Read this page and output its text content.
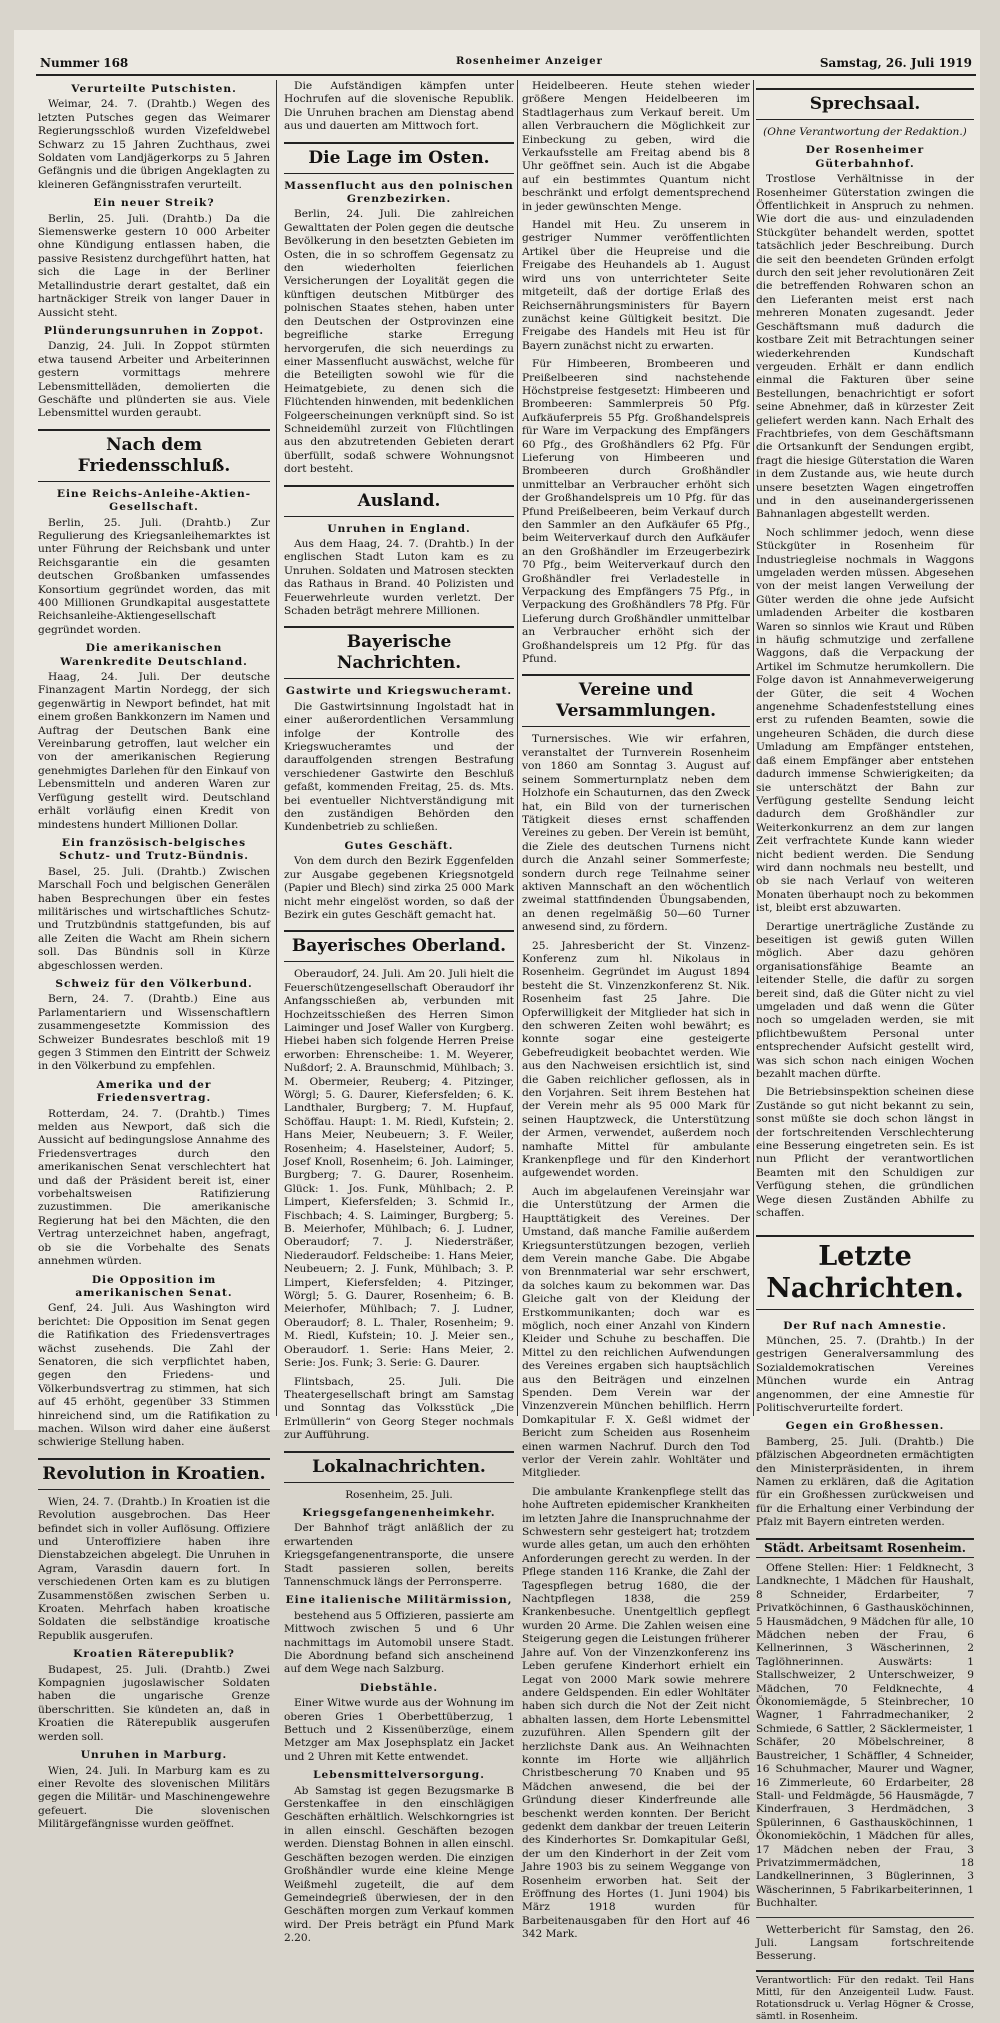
Nummer 168	Rosenheimer Anzeiger	Samstag, 26. Juli 1919
Verurteilte Putschisten.

Weimar, 24. 7. (Drahtb.) Wegen des letzten Putsches gegen das Weimarer Regierungsschloß wurden Vizefeldwebel Schwarz zu 15 Jahren Zuchthaus, zwei Soldaten vom Landjägerkorps zu 5 Jahren Gefängnis und die übrigen Angeklagten zu kleineren Gefängnisstrafen verurteilt.

Ein neuer Streik?

Berlin, 25. Juli. (Drahtb.) Da die Siemenswerke gestern 10 000 Arbeiter ohne Kündigung entlassen haben, die passive Resistenz durchgeführt hatten, hat sich die Lage in der Berliner Metallindustrie derart gestaltet, daß ein hartnäckiger Streik von langer Dauer in Aussicht steht.

Plünderungsunruhen in Zoppot.

Danzig, 24. Juli. In Zoppot stürmten etwa tausend Arbeiter und Arbeiterinnen gestern vormittags mehrere Lebensmittelläden, demolierten die Geschäfte und plünderten sie aus. Viele Lebensmittel wurden geraubt.

Nach dem Friedensschluß.
Eine Reichs-Anleihe-Aktien-Gesellschaft.

Berlin, 25. Juli. (Drahtb.) Zur Regulierung des Kriegsanleihemarktes ist unter Führung der Reichsbank und unter Reichsgarantie ein die gesamten deutschen Großbanken umfassendes Konsortium gegründet worden, das mit 400 Millionen Grundkapital ausgestattete Reichsanleihe-Aktiengesellschaft gegründet worden.

Die amerikanischen Warenkredite Deutschland.

Haag, 24. Juli. Der deutsche Finanzagent Martin Nordegg, der sich gegenwärtig in Newport befindet, hat mit einem großen Bankkonzern im Namen und Auftrag der Deutschen Bank eine Vereinbarung getroffen, laut welcher ein von der amerikanischen Regierung genehmigtes Darlehen für den Einkauf von Lebensmitteln und anderen Waren zur Verfügung gestellt wird. Deutschland erhält vorläufig einen Kredit von mindestens hundert Millionen Dollar.

Ein französisch-belgisches Schutz- und Trutz-Bündnis.

Basel, 25. Juli. (Drahtb.) Zwischen Marschall Foch und belgischen Generälen haben Besprechungen über ein festes militärisches und wirtschaftliches Schutz- und Trutzbündnis stattgefunden, bis auf alle Zeiten die Wacht am Rhein sichern soll. Das Bündnis soll in Kürze abgeschlossen werden.

Schweiz für den Völkerbund.

Bern, 24. 7. (Drahtb.) Eine aus Parlamentariern und Wissenschaftlern zusammengesetzte Kommission des Schweizer Bundesrates beschloß mit 19 gegen 3 Stimmen den Eintritt der Schweiz in den Völkerbund zu empfehlen.

Amerika und der Friedensvertrag.

Rotterdam, 24. 7. (Drahtb.) Times melden aus Newport, daß sich die Aussicht auf bedingungslose Annahme des Friedensvertrages durch den amerikanischen Senat verschlechtert hat und daß der Präsident bereit ist, einer vorbehaltsweisen Ratifizierung zuzustimmen. Die amerikanische Regierung hat bei den Mächten, die den Vertrag unterzeichnet haben, angefragt, ob sie die Vorbehalte des Senats annehmen würden.

Die Opposition im amerikanischen Senat.

Genf, 24. Juli. Aus Washington wird berichtet: Die Opposition im Senat gegen die Ratifikation des Friedensvertrages wächst zusehends. Die Zahl der Senatoren, die sich verpflichtet haben, gegen den Friedens- und Völkerbundsvertrag zu stimmen, hat sich auf 45 erhöht, gegenüber 33 Stimmen hinreichend sind, um die Ratifikation zu machen. Wilson wird daher eine äußerst schwierige Stellung haben.

Revolution in Kroatien.

Wien, 24. 7. (Drahtb.) In Kroatien ist die Revolution ausgebrochen. Das Heer befindet sich in voller Auflösung. Offiziere und Unteroffiziere haben ihre Dienstabzeichen abgelegt. Die Unruhen in Agram, Varasdin dauern fort. In verschiedenen Orten kam es zu blutigen Zusammenstößen zwischen Serben u. Kroaten. Mehrfach haben kroatische Soldaten die selbständige kroatische Republik ausgerufen.

Kroatien Räterepublik?

Budapest, 25. Juli. (Drahtb.) Zwei Kompagnien jugoslawischer Soldaten haben die ungarische Grenze überschritten. Sie kündeten an, daß in Kroatien die Räterepublik ausgerufen werden soll.

Unruhen in Marburg.

Wien, 24. Juli. In Marburg kam es zu einer Revolte des slovenischen Militärs gegen die Militär- und Maschinengewehre gefeuert. Die slovenischen Militärgefängnisse wurden geöffnet.

Die Aufständigen kämpfen unter Hochrufen auf die slovenische Republik. Die Unruhen brachen am Dienstag abend aus und dauerten am Mittwoch fort.

Die Lage im Osten.
Massenflucht aus den polnischen Grenzbezirken.

Berlin, 24. Juli. Die zahlreichen Gewalttaten der Polen gegen die deutsche Bevölkerung in den besetzten Gebieten im Osten, die in so schroffem Gegensatz zu den wiederholten feierlichen Versicherungen der Loyalität gegen die künftigen deutschen Mitbürger des polnischen Staates stehen, haben unter den Deutschen der Ostprovinzen eine begreifliche starke Erregung hervorgerufen, die sich neuerdings zu einer Massenflucht auswächst, welche für die Beteiligten sowohl wie für die Heimatgebiete, zu denen sich die Flüchtenden hinwenden, mit bedenklichen Folgeerscheinungen verknüpft sind. So ist Schneidemühl zurzeit von Flüchtlingen aus den abzutretenden Gebieten derart überfüllt, sodaß schwere Wohnungsnot dort besteht.

Ausland.
Unruhen in England.

Aus dem Haag, 24. 7. (Drahtb.) In der englischen Stadt Luton kam es zu Unruhen. Soldaten und Matrosen steckten das Rathaus in Brand. 40 Polizisten und Feuerwehrleute wurden verletzt. Der Schaden beträgt mehrere Millionen.

Bayerische Nachrichten.
Gastwirte und Kriegswucheramt.

Die Gastwirtsinnung Ingolstadt hat in einer außerordentlichen Versammlung infolge der Kontrolle des Kriegswucheramtes und der darauffolgenden strengen Bestrafung verschiedener Gastwirte den Beschluß gefaßt, kommenden Freitag, 25. ds. Mts. bei eventueller Nichtverständigung mit den zuständigen Behörden den Kundenbetrieb zu schließen.

Gutes Geschäft.

Von dem durch den Bezirk Eggenfelden zur Ausgabe gegebenen Kriegsnotgeld (Papier und Blech) sind zirka 25 000 Mark nicht mehr eingelöst worden, so daß der Bezirk ein gutes Geschäft gemacht hat.

Bayerisches Oberland.

Oberaudorf, 24. Juli. Am 20. Juli hielt die Feuerschützengesellschaft Oberaudorf ihr Anfangsschießen ab, verbunden mit Hochzeitsschießen des Herren Simon Laiminger und Josef Waller von Kurgberg. Hiebei haben sich folgende Herren Preise erworben: Ehrenscheibe: 1. M. Weyerer, Nußdorf; 2. A. Braunschmid, Mühlbach; 3. M. Obermeier, Reuberg; 4. Pitzinger, Wörgl; 5. G. Daurer, Kiefersfelden; 6. K. Landthaler, Burgberg; 7. M. Hupfauf, Schöffau. Haupt: 1. M. Riedl, Kufstein; 2. Hans Meier, Neubeuern; 3. F. Weiler, Rosenheim; 4. Haselsteiner, Audorf; 5. Josef Knoll, Rosenheim; 6. Joh. Laiminger, Burgberg; 7. G. Daurer, Rosenheim. Glück: 1. Jos. Funk, Mühlbach; 2. P. Limpert, Kiefersfelden; 3. Schmid Ir., Fischbach; 4. S. Laiminger, Burgberg; 5. B. Meierhofer, Mühlbach; 6. J. Ludner, Oberaudorf; 7. J. Niedersträßer, Niederaudorf. Feldscheibe: 1. Hans Meier, Neubeuern; 2. J. Funk, Mühlbach; 3. P. Limpert, Kiefersfelden; 4. Pitzinger, Wörgl; 5. G. Daurer, Rosenheim; 6. B. Meierhofer, Mühlbach; 7. J. Ludner, Oberaudorf; 8. L. Thaler, Rosenheim; 9. M. Riedl, Kufstein; 10. J. Meier sen., Oberaudorf. 1. Serie: Hans Meier, 2. Serie: Jos. Funk; 3. Serie: G. Daurer.

Flintsbach, 25. Juli. Die Theatergesellschaft bringt am Samstag und Sonntag das Volksstück „Die Erlmüllerin“ von Georg Steger nochmals zur Aufführung.

Lokalnachrichten.

Rosenheim, 25. Juli.

Kriegsgefangenenheimkehr.

Der Bahnhof trägt anläßlich der zu erwartenden Kriegsgefangenentransporte, die unsere Stadt passieren sollen, bereits Tannenschmuck längs der Perronsperre.

Eine italienische Militärmission,

bestehend aus 5 Offizieren, passierte am Mittwoch zwischen 5 und 6 Uhr nachmittags im Automobil unsere Stadt. Die Abordnung befand sich anscheinend auf dem Wege nach Salzburg.

Diebstähle.

Einer Witwe wurde aus der Wohnung im oberen Gries 1 Oberbettüberzug, 1 Bettuch und 2 Kissenüberzüge, einem Metzger am Max Josephsplatz ein Jacket und 2 Uhren mit Kette entwendet.

Lebensmittelversorgung.

Ab Samstag ist gegen Bezugsmarke B Gerstenkaffee in den einschlägigen Geschäften erhältlich. Welschkorngries ist in allen einschl. Geschäften bezogen werden. Dienstag Bohnen in allen einschl. Geschäften bezogen werden. Die einzigen Großhändler wurde eine kleine Menge Weißmehl zugeteilt, die auf dem Gemeindegrieß überwiesen, der in den Geschäften morgen zum Verkauf kommen wird. Der Preis beträgt ein Pfund Mark 2.20.

Heidelbeeren. Heute stehen wieder größere Mengen Heidelbeeren im Stadtlagerhaus zum Verkauf bereit. Um allen Verbrauchern die Möglichkeit zur Einbeckung zu geben, wird die Verkaufsstelle am Freitag abend bis 8 Uhr geöffnet sein. Auch ist die Abgabe auf ein bestimmtes Quantum nicht beschränkt und erfolgt dementsprechend in jeder gewünschten Menge.

Handel mit Heu. Zu unserem in gestriger Nummer veröffentlichten Artikel über die Heupreise und die Freigabe des Heuhandels ab 1. August wird uns von unterrichteter Seite mitgeteilt, daß der dortige Erlaß des Reichsernährungsministers für Bayern zunächst keine Gültigkeit besitzt. Die Freigabe des Handels mit Heu ist für Bayern zunächst nicht zu erwarten.

Für Himbeeren, Brombeeren und Preißelbeeren sind nachstehende Höchstpreise festgesetzt: Himbeeren und Brombeeren: Sammlerpreis 50 Pfg. Aufkäuferpreis 55 Pfg. Großhandelspreis für Ware im Verpackung des Empfängers 60 Pfg., des Großhändlers 62 Pfg. Für Lieferung von Himbeeren und Brombeeren durch Großhändler unmittelbar an Verbraucher erhöht sich der Großhandelspreis um 10 Pfg. für das Pfund Preißelbeeren, beim Verkauf durch den Sammler an den Aufkäufer 65 Pfg., beim Weiterverkauf durch den Aufkäufer an den Großhändler im Erzeugerbezirk 70 Pfg., beim Weiterverkauf durch den Großhändler frei Verladestelle in Verpackung des Empfängers 75 Pfg., in Verpackung des Großhändlers 78 Pfg. Für Lieferung durch Großhändler unmittelbar an Verbraucher erhöht sich der Großhandelspreis um 12 Pfg. für das Pfund.

Vereine und Versammlungen.

Turnersisches. Wie wir erfahren, veranstaltet der Turnverein Rosenheim von 1860 am Sonntag 3. August auf seinem Sommerturnplatz neben dem Holzhofe ein Schauturnen, das den Zweck hat, ein Bild von der turnerischen Tätigkeit dieses ernst schaffenden Vereines zu geben. Der Verein ist bemüht, die Ziele des deutschen Turnens nicht durch die Anzahl seiner Sommerfeste; sondern durch rege Teilnahme seiner aktiven Mannschaft an den wöchentlich zweimal stattfindenden Übungsabenden, an denen regelmäßig 50—60 Turner anwesend sind, zu fördern.

25. Jahresbericht der St. Vinzenz-Konferenz zum hl. Nikolaus in Rosenheim. Gegründet im August 1894 besteht die St. Vinzenzkonferenz St. Nik. Rosenheim fast 25 Jahre. Die Opferwilligkeit der Mitglieder hat sich in den schweren Zeiten wohl bewährt; es konnte sogar eine gesteigerte Gebefreudigkeit beobachtet werden. Wie aus den Nachweisen ersichtlich ist, sind die Gaben reichlicher geflossen, als in den Vorjahren. Seit ihrem Bestehen hat der Verein mehr als 95 000 Mark für seinen Hauptzweck, die Unterstützung der Armen, verwendet, außerdem noch namhafte Mittel für ambulante Krankenpflege und für den Kinderhort aufgewendet worden.

Auch im abgelaufenen Vereinsjahr war die Unterstützung der Armen die Haupttätigkeit des Vereines. Der Umstand, daß manche Familie außerdem Kriegsunterstützungen bezogen, verlieh dem Verein manche Gabe. Die Abgabe von Brennmaterial war sehr erschwert, da solches kaum zu bekommen war. Das Gleiche galt von der Kleidung der Erstkommunikanten; doch war es möglich, noch einer Anzahl von Kindern Kleider und Schuhe zu beschaffen. Die Mittel zu den reichlichen Aufwendungen des Vereines ergaben sich hauptsächlich aus den Beiträgen und einzelnen Spenden. Dem Verein war der Vinzenzverein München behilflich. Herrn Domkapitular F. X. Geßl widmet der Bericht zum Scheiden aus Rosenheim einen warmen Nachruf. Durch den Tod verlor der Verein zahlr. Wohltäter und Mitglieder.

Die ambulante Krankenpflege stellt das hohe Auftreten epidemischer Krankheiten im letzten Jahre die Inanspruchnahme der Schwestern sehr gesteigert hat; trotzdem wurde alles getan, um auch den erhöhten Anforderungen gerecht zu werden. In der Pflege standen 116 Kranke, die Zahl der Tagespflegen betrug 1680, die der Nachtpflegen 1838, die 259 Krankenbesuche. Unentgeltlich gepflegt wurden 20 Arme. Die Zahlen weisen eine Steigerung gegen die Leistungen früherer Jahre auf. Von der Vinzenzkonferenz ins Leben gerufene Kinderhort erhielt ein Legat von 2000 Mark sowie mehrere andere Geldspenden. Ein edler Wohltäter haben sich durch die Not der Zeit nicht abhalten lassen, dem Horte Lebensmittel zuzuführen. Allen Spendern gilt der herzlichste Dank aus. An Weihnachten konnte im Horte wie alljährlich Christbescherung 70 Knaben und 95 Mädchen anwesend, die bei der Gründung dieser Kinderfreunde alle beschenkt werden konnten. Der Bericht gedenkt dem dankbar der treuen Leiterin des Kinderhortes Sr. Domkapitular Geßl, der um den Kinderhort in der Zeit vom Jahre 1903 bis zu seinem Weggange von Rosenheim erworben hat. Seit der Eröffnung des Hortes (1. Juni 1904) bis März 1918 wurden für Barbeitenausgaben für den Hort auf 46 342 Mark.

Sprechsaal.

(Ohne Verantwortung der Redaktion.)

Der Rosenheimer Güterbahnhof.

Trostlose Verhältnisse in der Rosenheimer Güterstation zwingen die Öffentlichkeit in Anspruch zu nehmen. Wie dort die aus- und einzuladenden Stückgüter behandelt werden, spottet tatsächlich jeder Beschreibung. Durch die seit den beendeten Gründen erfolgt durch den seit jeher revolutionären Zeit die betreffenden Rohwaren schon an den Lieferanten meist erst nach mehreren Monaten zugesandt. Jeder Geschäftsmann muß dadurch die kostbare Zeit mit Betrachtungen seiner wiederkehrenden Kundschaft vergeuden. Erhält er dann endlich einmal die Fakturen über seine Bestellungen, benachrichtigt er sofort seine Abnehmer, daß in kürzester Zeit geliefert werden kann. Nach Erhalt des Frachtbriefes, von dem Geschäftsmann die Ortsankunft der Sendungen ergibt, fragt die hiesige Güterstation die Waren in dem Zustande aus, wie heute durch unsere besetzten Wagen eingetroffen und in den auseinandergerissenen Bahnanlagen abgestellt werden.

Noch schlimmer jedoch, wenn diese Stückgüter in Rosenheim für Industriegleise nochmals in Waggons umgeladen werden müssen. Abgesehen von der meist langen Verweilung der Güter werden die ohne jede Aufsicht umladenden Arbeiter die kostbaren Waren so sinnlos wie Kraut und Rüben in häufig schmutzige und zerfallene Waggons, daß die Verpackung der Artikel im Schmutze herumkollern. Die Folge davon ist Annahmeverweigerung der Güter, die seit 4 Wochen angenehme Schadenfeststellung eines erst zu rufenden Beamten, sowie die ungeheuren Schäden, die durch diese Umladung am Empfänger entstehen, daß einem Empfänger aber entstehen dadurch immense Schwierigkeiten; da sie unterschätzt der Bahn zur Verfügung gestellte Sendung leicht dadurch dem Großhändler zur Weiterkonkurrenz an dem zur langen Zeit verfrachtete Kunde kann wieder nicht bedient werden. Die Sendung wird dann nochmals neu bestellt, und ob sie nach Verlauf von weiteren Monaten überhaupt noch zu bekommen ist, bleibt erst abzuwarten.

Derartige unerträgliche Zustände zu beseitigen ist gewiß guten Willen möglich. Aber dazu gehören organisationsfähige Beamte an leitender Stelle, die dafür zu sorgen bereit sind, daß die Güter nicht zu viel umgeladen und daß wenn die Güter noch so umgeladen werden, sie mit pflichtbewußtem Personal unter entsprechender Aufsicht gestellt wird, was sich schon nach einigen Wochen bezahlt machen dürfte.

Die Betriebsinspektion scheinen diese Zustände so gut nicht bekannt zu sein, sonst müßte sie doch schon längst in der fortschreitenden Verschlechterung eine Besserung eingetreten sein. Es ist nun Pflicht der verantwortlichen Beamten mit den Schuldigen zur Verfügung stehen, die gründlichen Wege diesen Zuständen Abhilfe zu schaffen.

Letzte Nachrichten.
Der Ruf nach Amnestie.

München, 25. 7. (Drahtb.) In der gestrigen Generalversammlung des Sozialdemokratischen Vereines München wurde ein Antrag angenommen, der eine Amnestie für Politischverurteilte fordert.

Gegen ein Großhessen.

Bamberg, 25. Juli. (Drahtb.) Die pfälzischen Abgeordneten ermächtigten den Ministerpräsidenten, in ihrem Namen zu erklären, daß die Agitation für ein Großhessen zurückweisen und für die Erhaltung einer Verbindung der Pfalz mit Bayern eintreten werden.

Städt. Arbeitsamt Rosenheim.

Offene Stellen: Hier: 1 Feldknecht, 3 Landknechte, 1 Mädchen für Haushalt, 8 Schneider, Erdarbeiter, 7 Privatköchinnen, 6 Gasthausköchinnen, 5 Hausmädchen, 9 Mädchen für alle, 10 Mädchen neben der Frau, 6 Kellnerinnen, 3 Wäscherinnen, 2 Taglöhnerinnen. Auswärts: 1 Stallschweizer, 2 Unterschweizer, 9 Mädchen, 70 Feldknechte, 4 Ökonomiemägde, 5 Steinbrecher, 10 Wagner, 1 Fahrradmechaniker, 2 Schmiede, 6 Sattler, 2 Säcklermeister, 1 Schäfer, 20 Möbelschreiner, 8 Baustreicher, 1 Schäffler, 4 Schneider, 16 Schuhmacher, Maurer und Wagner, 16 Zimmerleute, 60 Erdarbeiter, 28 Stall- und Feldmägde, 56 Hausmägde, 7 Kinderfrauen, 3 Herdmädchen, 3 Spülerinnen, 6 Gasthausköchinnen, 1 Ökonomieköchin, 1 Mädchen für alles, 17 Mädchen neben der Frau, 3 Privatzimmermädchen, 18 Landkellnerinnen, 3 Büglerinnen, 3 Wäscherinnen, 5 Fabrikarbeiterinnen, 1 Buchhalter.

Wetterbericht für Samstag, den 26. Juli. Langsam fortschreitende Besserung.

Verantwortlich: Für den redakt. Teil Hans Mittl, für den Anzeigenteil Ludw. Faust. Rotationsdruck u. Verlag Högner & Crosse, sämtl. in Rosenheim.
